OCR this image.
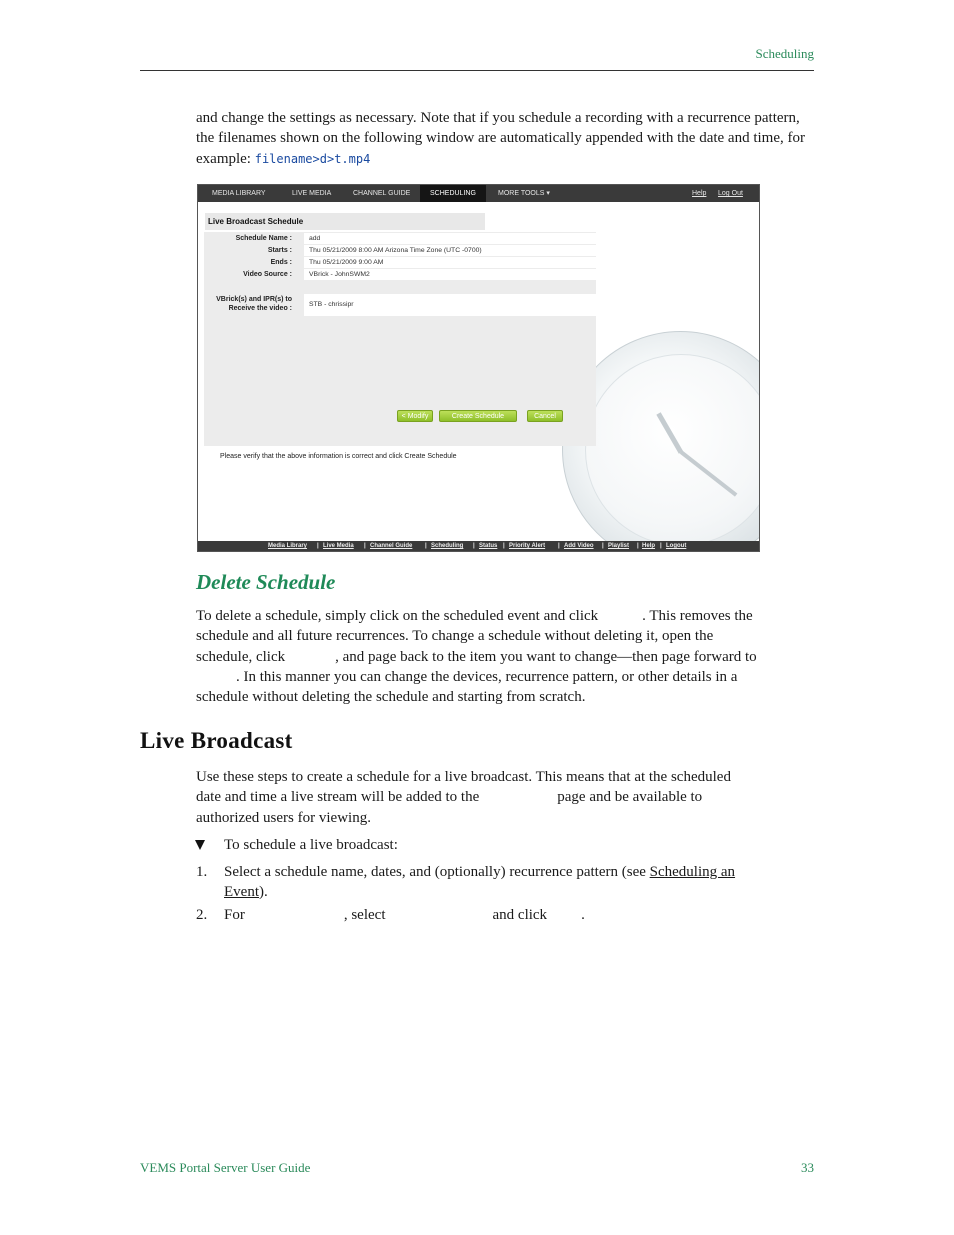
Scheduling

and change the settings as necessary. Note that if you schedule a recording with a recurrence pattern, the filenames shown on the following window are automatically appended with the date and time, for example: filename>d>t.mp4

MEDIA LIBRARY	LIVE MEDIA	CHANNEL GUIDE	SCHEDULING	MORE TOOLS ▾	Help Log Out
Live Broadcast Schedule
Schedule Name :	add
Starts :	Thu 05/21/2009 8:00 AM Arizona Time Zone (UTC -0700)
Ends :	Thu 05/21/2009 9:00 AM
Video Source :	VBrick - JohnSWM2
VBrick(s) and IPR(s) to
Receive the video :
STB - chrissipr
< Modify	Create Schedule	Cancel
Please verify that the above information is correct and click Create Schedule
Media Library | Live Media | Channel Guide | Scheduling | Status | Priority Alert | Add Video | Playlist | Help | Logout
Delete Schedule

To delete a schedule, simply click on the scheduled event and click	. This removes the
schedule and all future recurrences. To change a schedule without deleting it, open the
schedule, click	, and page back to the item you want to change—then page forward to
. In this manner you can change the devices, recurrence pattern, or other details in a
schedule without deleting the schedule and starting from scratch.

Live Broadcast

Use these steps to create a schedule for a live broadcast. This means that at the scheduled
date and time a live stream will be added to the	page and be available to
authorized users for viewing.

To schedule a live broadcast:
1. Select a schedule name, dates, and (optionally) recurrence pattern (see Scheduling an
Event).
2. For	, select	and click .
VEMS Portal Server User Guide	33
